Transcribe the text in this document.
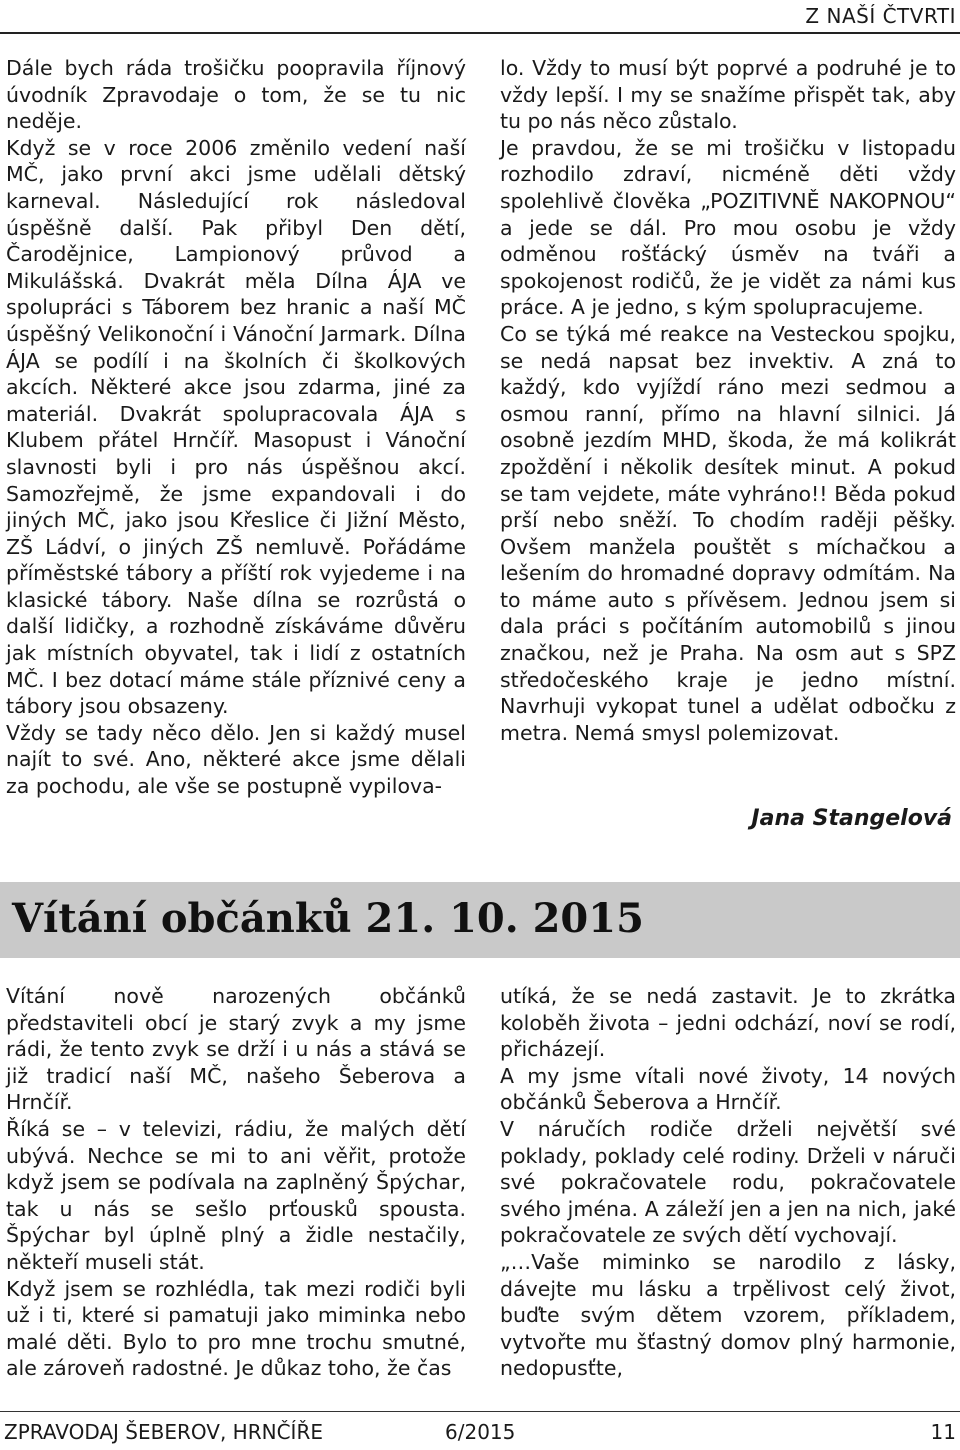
Z NAŠÍ ČTVRTI

Dále bych ráda trošičku poopravila říjnový úvodník Zpravodaje o tom, že se tu nic neděje.

Když se v roce 2006 změnilo vedení naší MČ, jako první akci jsme udělali dětský karneval. Následující rok následoval úspěšně další. Pak přibyl Den dětí, Čarodějnice, Lampionový průvod a Mikulášská. Dvakrát měla Dílna ÁJA ve spolupráci s Táborem bez hranic a naší MČ úspěšný Velikonoční i Vánoční Jarmark. Dílna ÁJA se podílí i na školních či školkových akcích. Některé akce jsou zdarma, jiné za materiál. Dvakrát spolupracovala ÁJA s Klubem přátel Hrnčíř. Masopust i Vánoční slavnosti byli i pro nás úspěšnou akcí. Samozřejmě, že jsme expandovali i do jiných MČ, jako jsou Křeslice či Jižní Město, ZŠ Ládví, o jiných ZŠ nemluvě. Pořádáme příměstské tábory a příští rok vyjedeme i na klasické tábory. Naše dílna se rozrůstá o další lidičky, a rozhodně získáváme důvěru jak místních obyvatel, tak i lidí z ostatních MČ. I bez dotací máme stále příznivé ceny a tábory jsou obsazeny.

Vždy se tady něco dělo. Jen si každý musel najít to své. Ano, některé akce jsme dělali za pochodu, ale vše se postupně vypilova-

lo. Vždy to musí být poprvé a podruhé je to vždy lepší. I my se snažíme přispět tak, aby tu po nás něco zůstalo.

Je pravdou, že se mi trošičku v listopadu rozhodilo zdraví, nicméně děti vždy spolehlivě člověka „POZITIVNĚ NAKOPNOU“ a jede se dál. Pro mou osobu je vždy odměnou rošťácký úsměv na tváři a spokojenost rodičů, že je vidět za námi kus práce. A je jedno, s kým spolupracujeme.

Co se týká mé reakce na Vesteckou spojku, se nedá napsat bez invektiv. A zná to každý, kdo vyjíždí ráno mezi sedmou a osmou ranní, přímo na hlavní silnici. Já osobně jezdím MHD, škoda, že má kolikrát zpoždění i několik desítek minut. A pokud se tam vejdete, máte vyhráno!! Běda pokud prší nebo sněží. To chodím raději pěšky. Ovšem manžela pouštět s míchačkou a lešením do hromadné dopravy odmítám. Na to máme auto s přívěsem. Jednou jsem si dala práci s počítáním automobilů s jinou značkou, než je Praha. Na osm aut s SPZ středočeského kraje je jedno místní. Navrhuji vykopat tunel a udělat odbočku z metra. Nemá smysl polemizovat.

Jana Stangelová
Vítání občánků 21. 10. 2015

Vítání nově narozených občánků představiteli obcí je starý zvyk a my jsme rádi, že tento zvyk se drží i u nás a stává se již tradicí naší MČ, našeho Šeberova a Hrnčíř.

Říká se – v televizi, rádiu, že malých dětí ubývá. Nechce se mi to ani věřit, protože když jsem se podívala na zaplněný Špýchar, tak u nás se sešlo prťousků spousta. Špýchar byl úplně plný a židle nestačily, někteří museli stát.

Když jsem se rozhlédla, tak mezi rodiči byli už i ti, které si pamatuji jako miminka nebo malé děti. Bylo to pro mne trochu smutné, ale zároveň radostné. Je důkaz toho, že čas

utíká, že se nedá zastavit. Je to zkrátka koloběh života – jedni odchází, noví se rodí, přicházejí.

A my jsme vítali nové životy, 14 nových občánků Šeberova a Hrnčíř.

V náručích rodiče drželi největší své poklady, poklady celé rodiny. Drželi v náruči své pokračovatele rodu, pokračovatele svého jména. A záleží jen a jen na nich, jaké pokračovatele ze svých dětí vychovají.

„…Vaše miminko se narodilo z lásky, dávejte mu lásku a trpělivost celý život, buďte svým dětem vzorem, příkladem, vytvořte mu šťastný domov plný harmonie, nedopusťte,

ZPRAVODAJ ŠEBEROV, HRNČÍŘE	6/2015	11
